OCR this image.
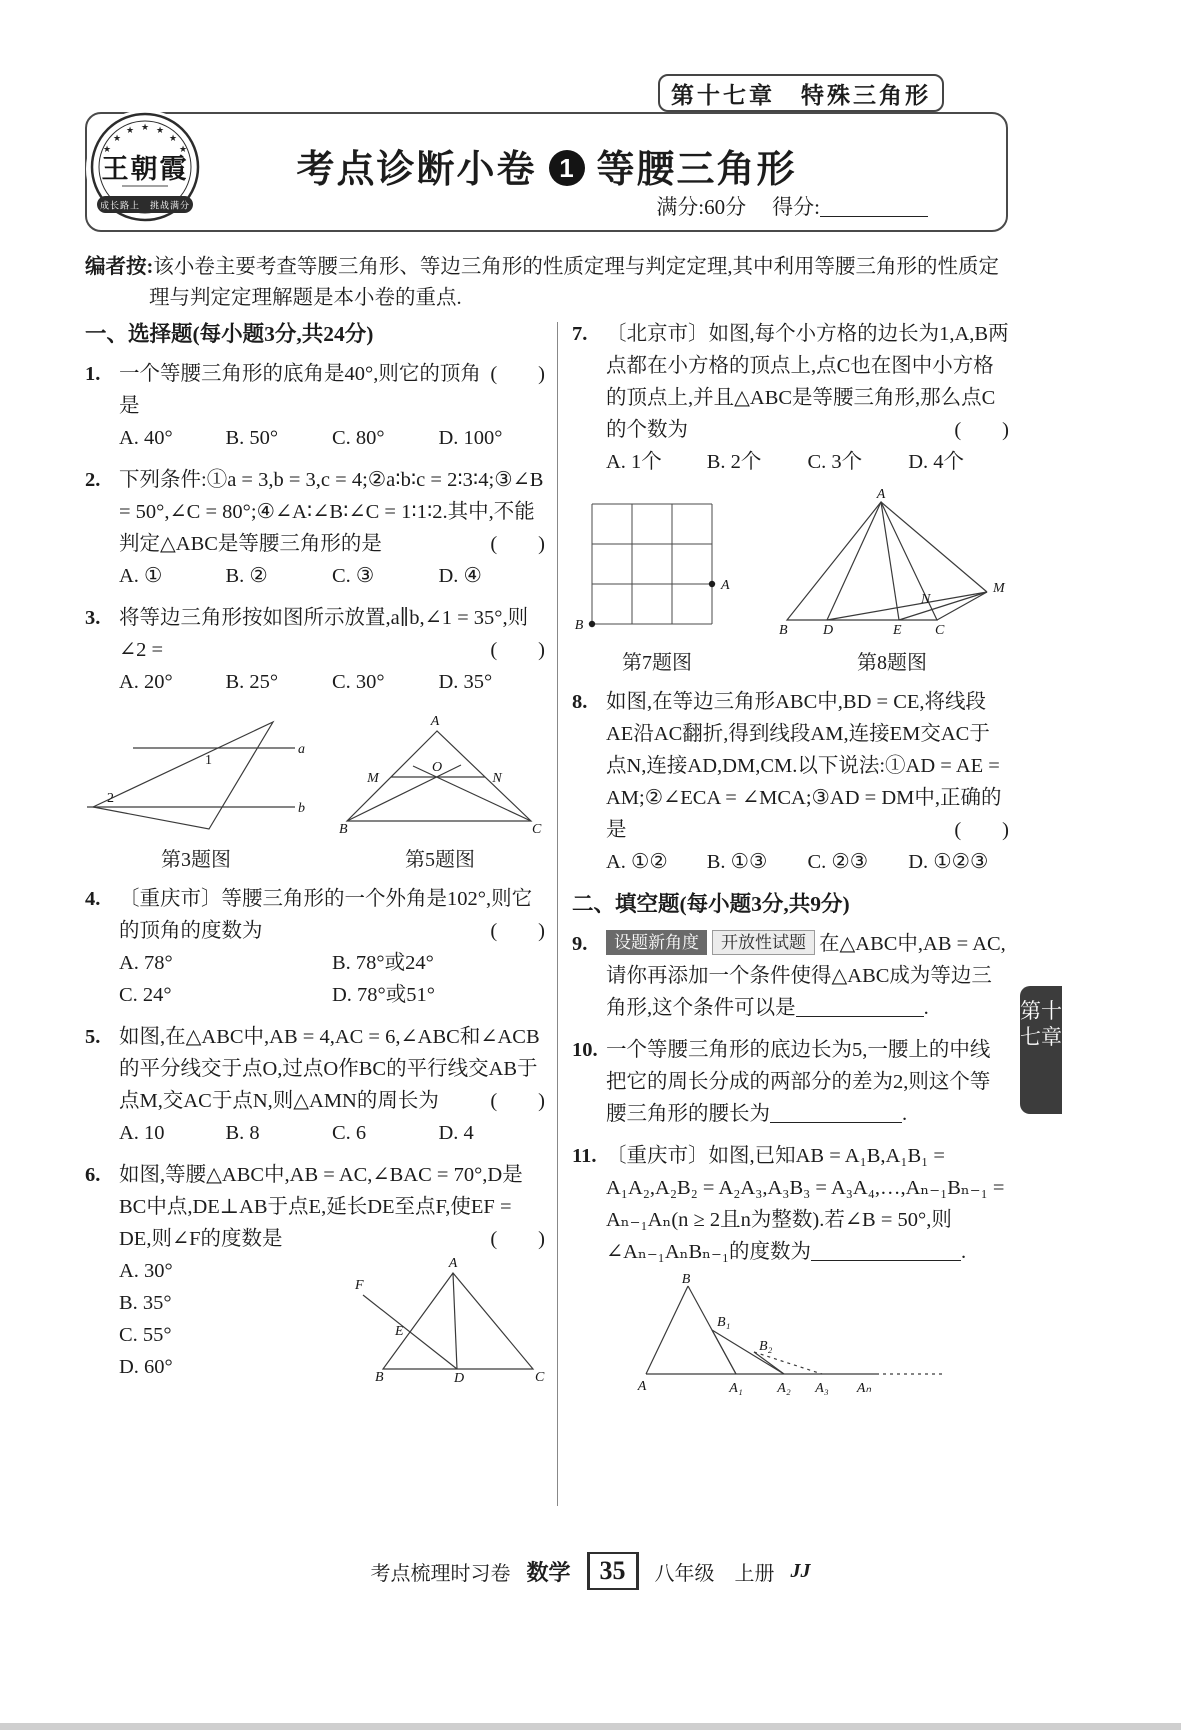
第十七章　特殊三角形
考点诊断小卷 1 等腰三角形
满分:60分 得分:
★
★ ★
★	★
★	★
王朝霞
成长路上　挑战满分
编者按:该小卷主要考查等腰三角形、等边三角形的性质定理与判定定理,其中利用等腰三角形的性质定理与判定定理解题是本小卷的重点.
一、选择题(每小题3分,共24分)
1.	(　　)
一个等腰三角形的底角是40°,则它的顶角是
A. 40°	B. 50°	C. 80°	D. 100°
2. 下列条件:①a = 3,b = 3,c = 4;②a∶b∶c = 2∶3∶4;③∠B = 50°,∠C = 80°;④∠A∶∠B∶∠C = 1∶1∶2.其中,不能判定△ABC是等腰三角形的是	(　　)
A. ①	B. ②	C. ③	D. ④
3. 将等边三角形按如图所示放置,a∥b,∠1 = 35°,则∠2 =	(　　)
A. 20°	B. 25°	C. 30°	D. 35°
1
2
a
b
第3题图
A
B	C
M
O
N
第5题图
4. 〔重庆市〕等腰三角形的一个外角是102°,则它的顶角的度数为	(　　)
A. 78°	B. 78°或24°
C. 24°	D. 78°或51°
5. 如图,在△ABC中,AB = 4,AC = 6,∠ABC和∠ACB的平分线交于点O,过点O作BC的平行线交AB于点M,交AC于点N,则△AMN的周长为	(　　)
A. 10	B. 8	C. 6	D. 4
6. 如图,等腰△ABC中,AB = AC,∠BAC = 70°,D是BC中点,DE⊥AB于点E,延长DE至点F,使EF = DE,则∠F的度数是	(　　)
A. 30°
B. 35°
C. 55°
D. 60°
A
B	C
D
E
F
7. 〔北京市〕如图,每个小方格的边长为1,A,B两点都在小方格的顶点上,点C也在图中小方格的顶点上,并且△ABC是等腰三角形,那么点C的个数为	(　　)
A. 1个	B. 2个	C. 3个	D. 4个
A
B
第7题图
A
B	D	E C
M
N
第8题图
8. 如图,在等边三角形ABC中,BD = CE,将线段AE沿AC翻折,得到线段AM,连接EM交AC于点N,连接AD,DM,CM.以下说法:①AD = AE = AM;②∠ECA = ∠MCA;③AD = DM中,正确的是	(　　)
A. ①②	B. ①③	C. ②③	D. ①②③
二、填空题(每小题3分,共9分)
9.	设题新角度 开放性试题 在△ABC中,AB = AC,请你再添加一个条件使得△ABC成为等边三角形,这个条件可以是	.
10. 一个等腰三角形的底边长为5,一腰上的中线把它的周长分成的两部分的差为2,则这个等腰三角形的腰长为	.
11. 〔重庆市〕如图,已知AB = A₁B,A₁B₁ = A₁A₂,A₂B₂ = A₂A₃,A₃B₃ = A₃A₄,…,Aₙ₋₁Bₙ₋₁ = Aₙ₋₁Aₙ(n ≥ 2且n为整数).若∠B = 50°,则∠Aₙ₋₁AₙBₙ₋₁的度数为	.
B
B₁
B₂
A	A₁ A₂ A₃ Aₙ
第十七章
考点梳理时习卷 数学	35	八年级　上册 JJ
